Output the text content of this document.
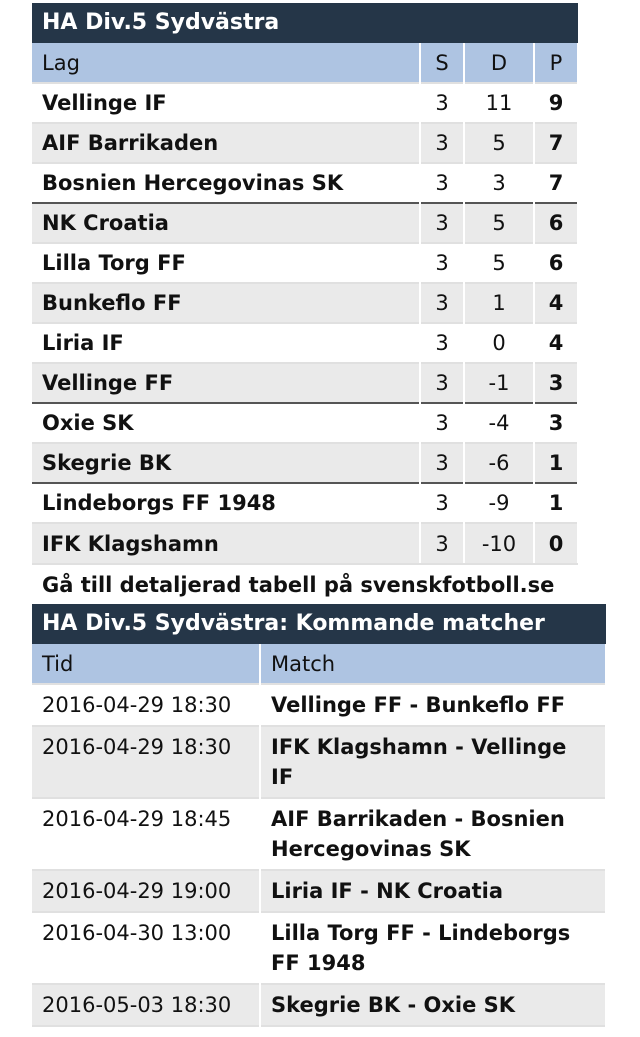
HA Div.5 Sydvästra
Lag	S	D	P
Vellinge IF	3	11	9
AIF Barrikaden	3	5	7
Bosnien Hercegovinas SK	3	3	7
NK Croatia	3	5	6
Lilla Torg FF	3	5	6
Bunkeflo FF	3	1	4
Liria IF	3	0	4
Vellinge FF	3	-1	3
Oxie SK	3	-4	3
Skegrie BK	3	-6	1
Lindeborgs FF 1948	3	-9	1
IFK Klagshamn	3	-10	0
Gå till detaljerad tabell på svenskfotboll.se
HA Div.5 Sydvästra: Kommande matcher
Tid	Match
2016-04-29 18:30	Vellinge FF - Bunkeflo FF
2016-04-29 18:30	IFK Klagshamn - Vellinge IF
2016-04-29 18:45	AIF Barrikaden - Bosnien Hercegovinas SK
2016-04-29 19:00	Liria IF - NK Croatia
2016-04-30 13:00	Lilla Torg FF - Lindeborgs FF 1948
2016-05-03 18:30	Skegrie BK - Oxie SK
